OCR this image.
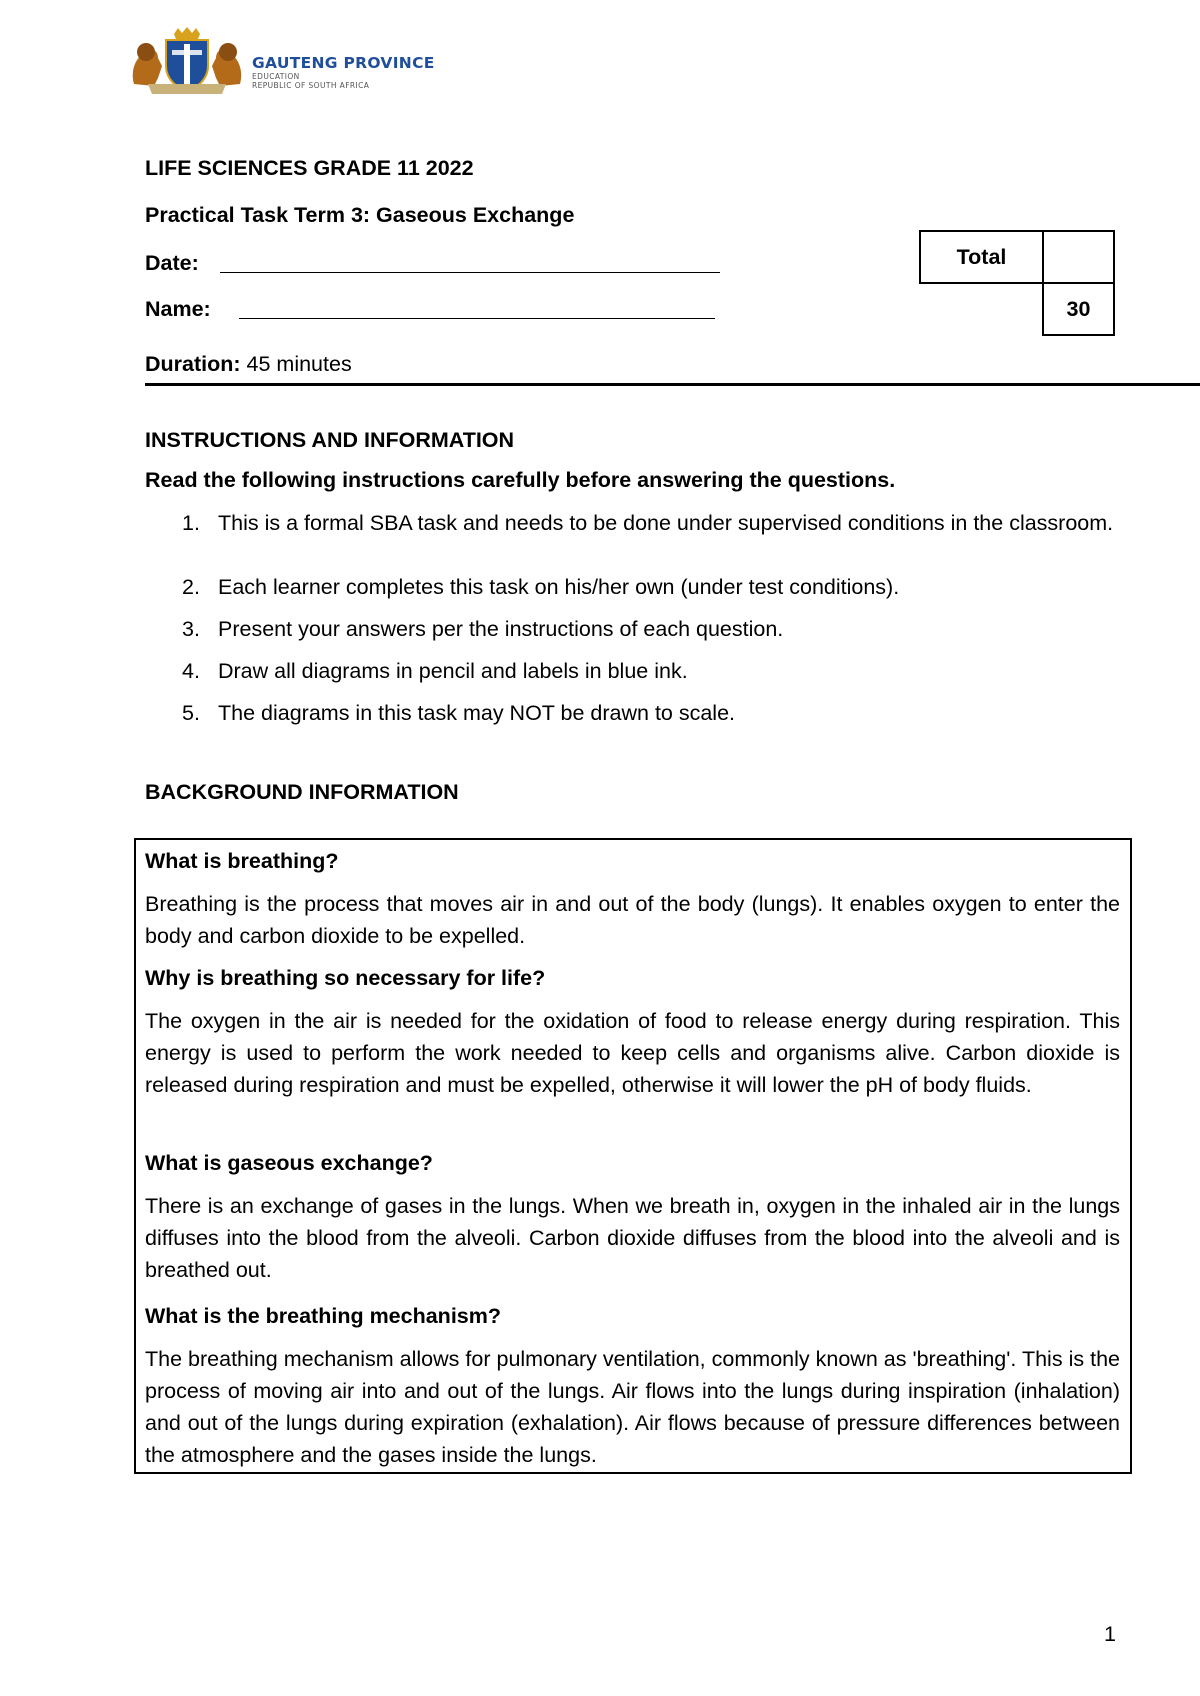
GAUTENG PROVINCE
EDUCATION
REPUBLIC OF SOUTH AFRICA
LIFE SCIENCES GRADE 11 2022
Practical Task Term 3: Gaseous Exchange
Date:
Name:
Duration: 45 minutes
Total
30
INSTRUCTIONS AND INFORMATION
Read the following instructions carefully before answering the questions.
1. This is a formal SBA task and needs to be done under supervised conditions in the classroom.
2. Each learner completes this task on his/her own (under test conditions).
3. Present your answers per the instructions of each question.
4. Draw all diagrams in pencil and labels in blue ink.
5. The diagrams in this task may NOT be drawn to scale.
BACKGROUND INFORMATION
What is breathing?
Breathing is the process that moves air in and out of the body (lungs). It enables oxygen to enter the body and carbon dioxide to be expelled.
Why is breathing so necessary for life?
The oxygen in the air is needed for the oxidation of food to release energy during respiration. This energy is used to perform the work needed to keep cells and organisms alive. Carbon dioxide is released during respiration and must be expelled, otherwise it will lower the pH of body fluids.
What is gaseous exchange?
There is an exchange of gases in the lungs. When we breath in, oxygen in the inhaled air in the lungs diffuses into the blood from the alveoli. Carbon dioxide diffuses from the blood into the alveoli and is breathed out.
What is the breathing mechanism?
The breathing mechanism allows for pulmonary ventilation, commonly known as 'breathing'. This is the process of moving air into and out of the lungs. Air flows into the lungs during inspiration (inhalation) and out of the lungs during expiration (exhalation). Air flows because of pressure differences between the atmosphere and the gases inside the lungs.
1
